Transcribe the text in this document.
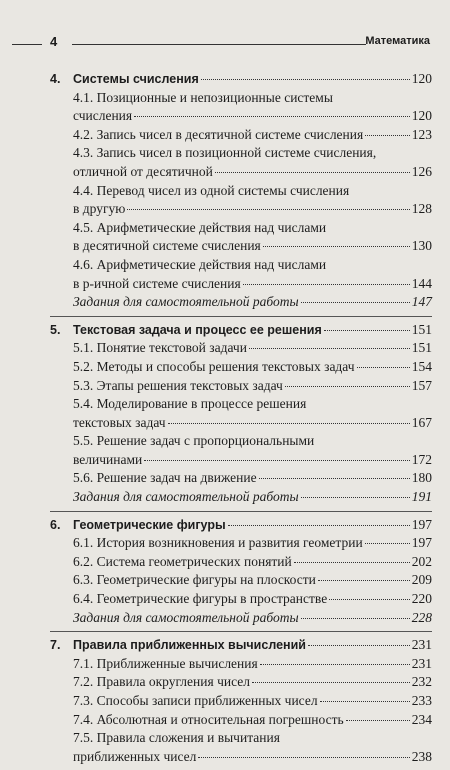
4	Математика
4.	Системы счисления	120
4.1. Позиционные и непозиционные системы
счисления	120
4.2. Запись чисел в десятичной системе счисления	123
4.3. Запись чисел в позиционной системе счисления,
отличной от десятичной	126
4.4. Перевод чисел из одной системы счисления
в другую	128
4.5. Арифметические действия над числами
в десятичной системе счисления	130
4.6. Арифметические действия над числами
в p-ичной системе счисления	144
Задания для самостоятельной работы	147
5.	Текстовая задача и процесс ее решения	151
5.1. Понятие текстовой задачи	151
5.2. Методы и способы решения текстовых задач	154
5.3. Этапы решения текстовых задач	157
5.4. Моделирование в процессе решения
текстовых задач	167
5.5. Решение задач с пропорциональными
величинами	172
5.6. Решение задач на движение	180
Задания для самостоятельной работы	191
6.	Геометрические фигуры	197
6.1. История возникновения и развития геометрии	197
6.2. Система геометрических понятий	202
6.3. Геометрические фигуры на плоскости	209
6.4. Геометрические фигуры в пространстве	220
Задания для самостоятельной работы	228
7.	Правила приближенных вычислений	231
7.1. Приближенные вычисления	231
7.2. Правила округления чисел	232
7.3. Способы записи приближенных чисел	233
7.4. Абсолютная и относительная погрешность	234
7.5. Правила сложения и вычитания
приближенных чисел	238
